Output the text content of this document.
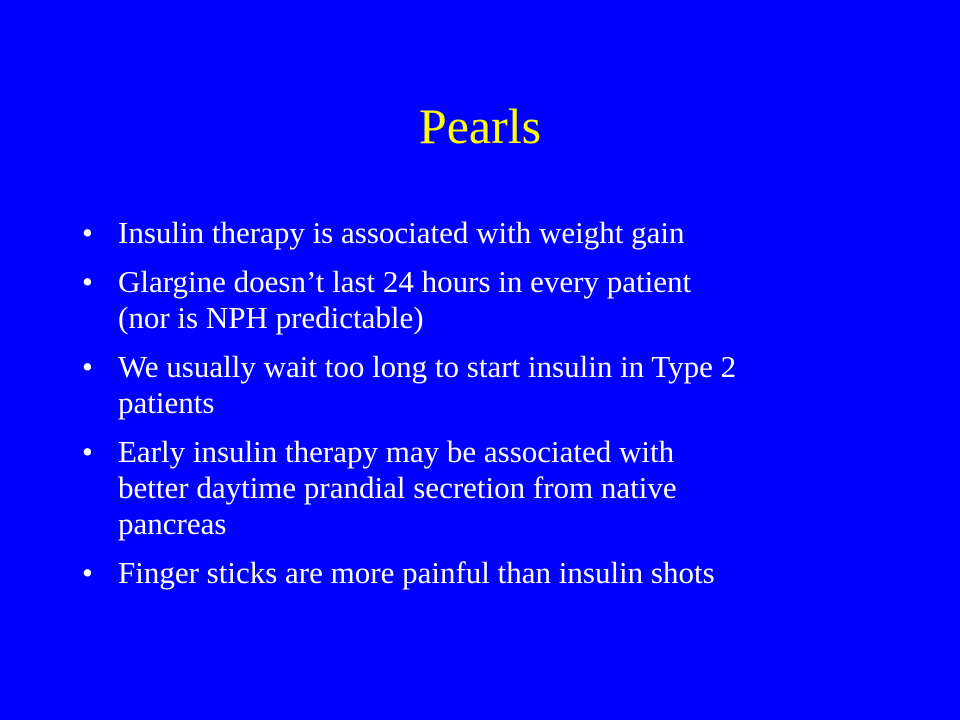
Pearls
• Insulin therapy is associated with weight gain
• Glargine doesn’t last 24 hours in every patient
(nor is NPH predictable)
• We usually wait too long to start insulin in Type 2
patients
• Early insulin therapy may be associated with
better daytime prandial secretion from native
pancreas
• Finger sticks are more painful than insulin shots
